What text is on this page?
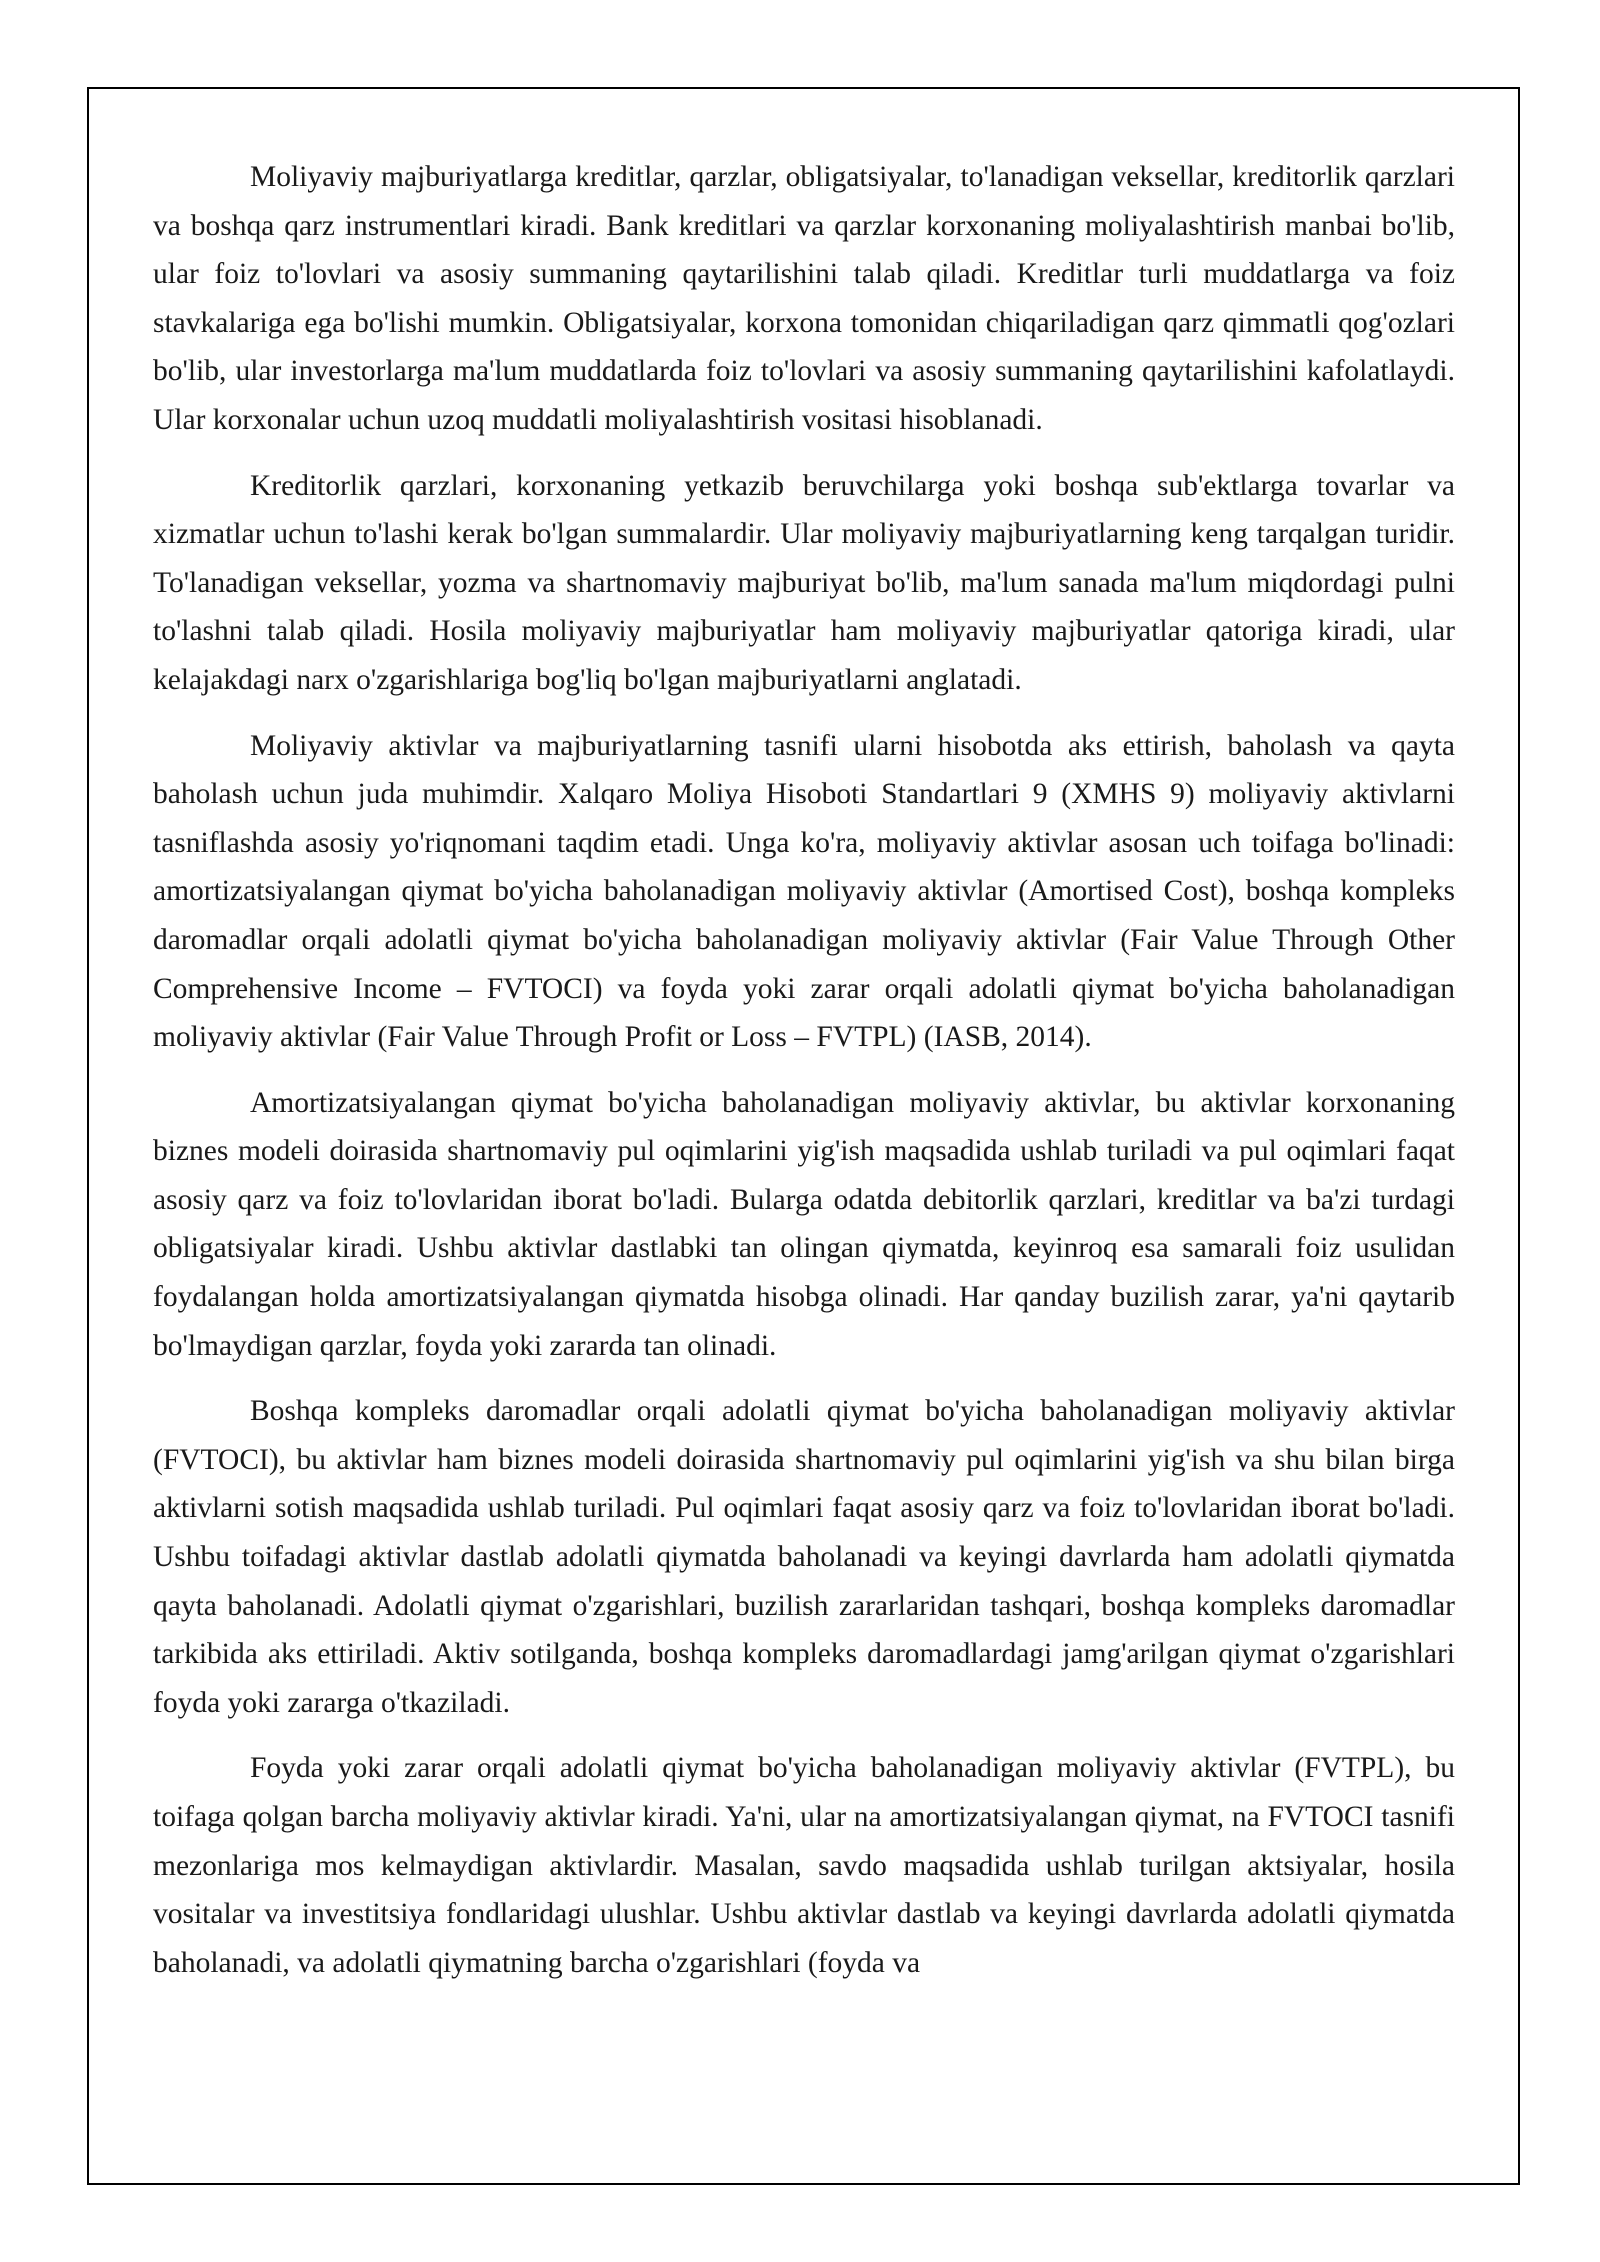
Moliyaviy majburiyatlarga kreditlar, qarzlar, obligatsiyalar, to'lanadigan veksellar, kreditorlik qarzlari va boshqa qarz instrumentlari kiradi. Bank kreditlari va qarzlar korxonaning moliyalashtirish manbai bo'lib, ular foiz to'lovlari va asosiy summaning qaytarilishini talab qiladi. Kreditlar turli muddatlarga va foiz stavkalariga ega bo'lishi mumkin. Obligatsiyalar, korxona tomonidan chiqariladigan qarz qimmatli qog'ozlari bo'lib, ular investorlarga ma'lum muddatlarda foiz to'lovlari va asosiy summaning qaytarilishini kafolatlaydi. Ular korxonalar uchun uzoq muddatli moliyalashtirish vositasi hisoblanadi.

Kreditorlik qarzlari, korxonaning yetkazib beruvchilarga yoki boshqa sub'ektlarga tovarlar va xizmatlar uchun to'lashi kerak bo'lgan summalardir. Ular moliyaviy majburiyatlarning keng tarqalgan turidir. To'lanadigan veksellar, yozma va shartnomaviy majburiyat bo'lib, ma'lum sanada ma'lum miqdordagi pulni to'lashni talab qiladi. Hosila moliyaviy majburiyatlar ham moliyaviy majburiyatlar qatoriga kiradi, ular kelajakdagi narx o'zgarishlariga bog'liq bo'lgan majburiyatlarni anglatadi.

Moliyaviy aktivlar va majburiyatlarning tasnifi ularni hisobotda aks ettirish, baholash va qayta baholash uchun juda muhimdir. Xalqaro Moliya Hisoboti Standartlari 9 (XMHS 9) moliyaviy aktivlarni tasniflashda asosiy yo'riqnomani taqdim etadi. Unga ko'ra, moliyaviy aktivlar asosan uch toifaga bo'linadi: amortizatsiyalangan qiymat bo'yicha baholanadigan moliyaviy aktivlar (Amortised Cost), boshqa kompleks daromadlar orqali adolatli qiymat bo'yicha baholanadigan moliyaviy aktivlar (Fair Value Through Other Comprehensive Income – FVTOCI) va foyda yoki zarar orqali adolatli qiymat bo'yicha baholanadigan moliyaviy aktivlar (Fair Value Through Profit or Loss – FVTPL) (IASB, 2014).

Amortizatsiyalangan qiymat bo'yicha baholanadigan moliyaviy aktivlar, bu aktivlar korxonaning biznes modeli doirasida shartnomaviy pul oqimlarini yig'ish maqsadida ushlab turiladi va pul oqimlari faqat asosiy qarz va foiz to'lovlaridan iborat bo'ladi. Bularga odatda debitorlik qarzlari, kreditlar va ba'zi turdagi obligatsiyalar kiradi. Ushbu aktivlar dastlabki tan olingan qiymatda, keyinroq esa samarali foiz usulidan foydalangan holda amortizatsiyalangan qiymatda hisobga olinadi. Har qanday buzilish zarar, ya'ni qaytarib bo'lmaydigan qarzlar, foyda yoki zararda tan olinadi.

Boshqa kompleks daromadlar orqali adolatli qiymat bo'yicha baholanadigan moliyaviy aktivlar (FVTOCI), bu aktivlar ham biznes modeli doirasida shartnomaviy pul oqimlarini yig'ish va shu bilan birga aktivlarni sotish maqsadida ushlab turiladi. Pul oqimlari faqat asosiy qarz va foiz to'lovlaridan iborat bo'ladi. Ushbu toifadagi aktivlar dastlab adolatli qiymatda baholanadi va keyingi davrlarda ham adolatli qiymatda qayta baholanadi. Adolatli qiymat o'zgarishlari, buzilish zararlaridan tashqari, boshqa kompleks daromadlar tarkibida aks ettiriladi. Aktiv sotilganda, boshqa kompleks daromadlardagi jamg'arilgan qiymat o'zgarishlari foyda yoki zararga o'tkaziladi.

Foyda yoki zarar orqali adolatli qiymat bo'yicha baholanadigan moliyaviy aktivlar (FVTPL), bu toifaga qolgan barcha moliyaviy aktivlar kiradi. Ya'ni, ular na amortizatsiyalangan qiymat, na FVTOCI tasnifi mezonlariga mos kelmaydigan aktivlardir. Masalan, savdo maqsadida ushlab turilgan aktsiyalar, hosila vositalar va investitsiya fondlaridagi ulushlar. Ushbu aktivlar dastlab va keyingi davrlarda adolatli qiymatda baholanadi, va adolatli qiymatning barcha o'zgarishlari (foyda va
